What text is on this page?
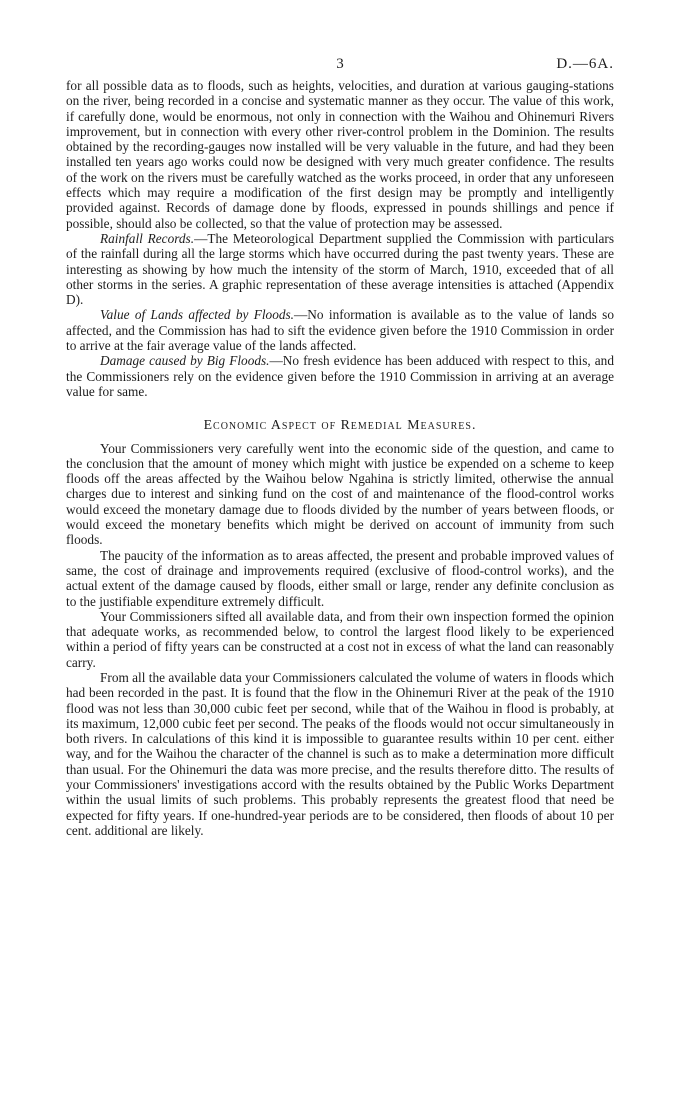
3	D.—6A.

for all possible data as to floods, such as heights, velocities, and duration at various gauging-stations on the river, being recorded in a concise and systematic manner as they occur. The value of this work, if carefully done, would be enormous, not only in connection with the Waihou and Ohinemuri Rivers improvement, but in connection with every other river-control problem in the Dominion. The results obtained by the recording-gauges now installed will be very valuable in the future, and had they been installed ten years ago works could now be designed with very much greater confidence. The results of the work on the rivers must be carefully watched as the works proceed, in order that any unforeseen effects which may require a modification of the first design may be promptly and intelligently provided against. Records of damage done by floods, expressed in pounds shillings and pence if possible, should also be collected, so that the value of protection may be assessed.

Rainfall Records.—The Meteorological Department supplied the Commission with particulars of the rainfall during all the large storms which have occurred during the past twenty years. These are interesting as showing by how much the intensity of the storm of March, 1910, exceeded that of all other storms in the series. A graphic representation of these average intensities is attached (Appendix D).

Value of Lands affected by Floods.—No information is available as to the value of lands so affected, and the Commission has had to sift the evidence given before the 1910 Commission in order to arrive at the fair average value of the lands affected.

Damage caused by Big Floods.—No fresh evidence has been adduced with respect to this, and the Commissioners rely on the evidence given before the 1910 Commission in arriving at an average value for same.

Economic Aspect of Remedial Measures.

Your Commissioners very carefully went into the economic side of the question, and came to the conclusion that the amount of money which might with justice be expended on a scheme to keep floods off the areas affected by the Waihou below Ngahina is strictly limited, otherwise the annual charges due to interest and sinking fund on the cost of and maintenance of the flood-control works would exceed the monetary damage due to floods divided by the number of years between floods, or would exceed the monetary benefits which might be derived on account of immunity from such floods.

The paucity of the information as to areas affected, the present and probable improved values of same, the cost of drainage and improvements required (exclusive of flood-control works), and the actual extent of the damage caused by floods, either small or large, render any definite conclusion as to the justifiable expenditure extremely difficult.

Your Commissioners sifted all available data, and from their own inspection formed the opinion that adequate works, as recommended below, to control the largest flood likely to be experienced within a period of fifty years can be constructed at a cost not in excess of what the land can reasonably carry.

From all the available data your Commissioners calculated the volume of waters in floods which had been recorded in the past. It is found that the flow in the Ohinemuri River at the peak of the 1910 flood was not less than 30,000 cubic feet per second, while that of the Waihou in flood is probably, at its maximum, 12,000 cubic feet per second. The peaks of the floods would not occur simultaneously in both rivers. In calculations of this kind it is impossible to guarantee results within 10 per cent. either way, and for the Waihou the character of the channel is such as to make a determination more difficult than usual. For the Ohinemuri the data was more precise, and the results therefore ditto. The results of your Commissioners' investigations accord with the results obtained by the Public Works Department within the usual limits of such problems. This probably represents the greatest flood that need be expected for fifty years. If one-hundred-year periods are to be considered, then floods of about 10 per cent. additional are likely.
